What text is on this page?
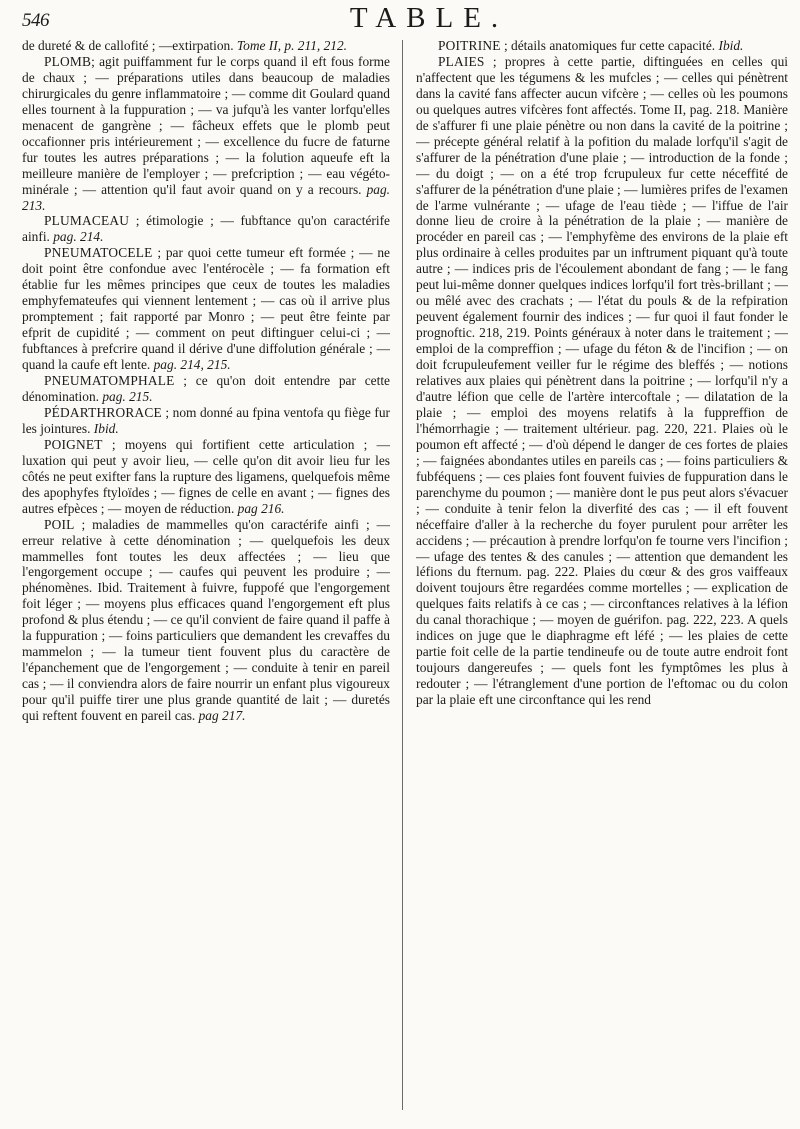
546	TABLE.

de dureté & de callofité ; —extirpation. Tome II, p. 211, 212.

PLOMB; agit puiffamment fur le corps quand il eft fous forme de chaux ; — préparations utiles dans beaucoup de maladies chirurgicales du genre inflammatoire ; — comme dit Goulard quand elles tournent à la fuppuration ; — va jufqu'à les vanter lorfqu'elles menacent de gangrène ; — fâcheux effets que le plomb peut occafionner pris intérieurement ; — excellence du fucre de faturne fur toutes les autres préparations ; — la folution aqueufe eft la meilleure manière de l'employer ; — prefcription ; — eau végéto-minérale ; — attention qu'il faut avoir quand on y a recours. pag. 213.

PLUMACEAU ; étimologie ; — fubftance qu'on caractérife ainfi. pag. 214.

PNEUMATOCELE ; par quoi cette tumeur eft formée ; — ne doit point être confondue avec l'entérocèle ; — fa formation eft établie fur les mêmes principes que ceux de toutes les maladies emphyfemateufes qui viennent lentement ; — cas où il arrive plus promptement ; fait rapporté par Monro ; — peut être feinte par efprit de cupidité ; — comment on peut diftinguer celui-ci ; — fubftances à prefcrire quand il dérive d'une diffolution générale ; — quand la caufe eft lente. pag. 214, 215.

PNEUMATOMPHALE ; ce qu'on doit entendre par cette dénomination. pag. 215.

PÉDARTHRORACE ; nom donné au fpina ventofa qu fiège fur les jointures. Ibid.

POIGNET ; moyens qui fortifient cette articulation ; — luxation qui peut y avoir lieu, — celle qu'on dit avoir lieu fur les côtés ne peut exifter fans la rupture des ligamens, quelquefois même des apophyfes ftyloïdes ; — fignes de celle en avant ; — fignes des autres efpèces ; — moyen de réduction. pag 216.

POIL ; maladies de mammelles qu'on caractérife ainfi ; — erreur relative à cette dénomination ; — quelquefois les deux mammelles font toutes les deux affectées ; — lieu que l'engorgement occupe ; — caufes qui peuvent les produire ; — phénomènes. Ibid. Traitement à fuivre, fuppofé que l'engorgement foit léger ; — moyens plus efficaces quand l'engorgement eft plus profond & plus étendu ; — ce qu'il convient de faire quand il paffe à la fuppuration ; — foins particuliers que demandent les crevaffes du mammelon ; — la tumeur tient fouvent plus du caractère de l'épanchement que de l'engorgement ; — conduite à tenir en pareil cas ; — il conviendra alors de faire nourrir un enfant plus vigoureux pour qu'il puiffe tirer une plus grande quantité de lait ; — duretés qui reftent fouvent en pareil cas. pag 217.

POITRINE ; détails anatomiques fur cette capacité. Ibid.

PLAIES ; propres à cette partie, diftinguées en celles qui n'affectent que les tégumens & les mufcles ; — celles qui pénètrent dans la cavité fans affecter aucun vifcère ; — celles où les poumons ou quelques autres vifcères font affectés. Tome II, pag. 218. Manière de s'affurer fi une plaie pénètre ou non dans la cavité de la poitrine ; — précepte général relatif à la pofition du malade lorfqu'il s'agit de s'affurer de la pénétration d'une plaie ; — introduction de la fonde ; — du doigt ; — on a été trop fcrupuleux fur cette néceffité de s'affurer de la pénétration d'une plaie ; — lumières prifes de l'examen de l'arme vulnérante ; — ufage de l'eau tiède ; — l'iffue de l'air donne lieu de croire à la pénétration de la plaie ; — manière de procéder en pareil cas ; — l'emphyfème des environs de la plaie eft plus ordinaire à celles produites par un inftrument piquant qu'à toute autre ; — indices pris de l'écoulement abondant de fang ; — le fang peut lui-même donner quelques indices lorfqu'il fort très-brillant ; — ou mêlé avec des crachats ; — l'état du pouls & de la refpiration peuvent également fournir des indices ; — fur quoi il faut fonder le prognoftic. 218, 219. Points généraux à noter dans le traitement ; — emploi de la compreffion ; — ufage du féton & de l'incifion ; — on doit fcrupuleufement veiller fur le régime des bleffés ; — notions relatives aux plaies qui pénètrent dans la poitrine ; — lorfqu'il n'y a d'autre léfion que celle de l'artère intercoftale ; — dilatation de la plaie ; — emploi des moyens relatifs à la fuppreffion de l'hémorrhagie ; — traitement ultérieur. pag. 220, 221. Plaies où le poumon eft affecté ; — d'où dépend le danger de ces fortes de plaies ; — faignées abondantes utiles en pareils cas ; — foins particuliers & fubféquens ; — ces plaies font fouvent fuivies de fuppuration dans le parenchyme du poumon ; — manière dont le pus peut alors s'évacuer ; — conduite à tenir felon la diverfité des cas ; — il eft fouvent néceffaire d'aller à la recherche du foyer purulent pour arrêter les accidens ; — précaution à prendre lorfqu'on fe tourne vers l'incifion ; — ufage des tentes & des canules ; — attention que demandent les léfions du fternum. pag. 222. Plaies du cœur & des gros vaiffeaux doivent toujours être regardées comme mortelles ; — explication de quelques faits relatifs à ce cas ; — circonftances relatives à la léfion du canal thorachique ; — moyen de guérifon. pag. 222, 223. A quels indices on juge que le diaphragme eft léfé ; — les plaies de cette partie foit celle de la partie tendineufe ou de toute autre endroit font toujours dangereufes ; — quels font les fymptômes les plus à redouter ; — l'étranglement d'une portion de l'eftomac ou du colon par la plaie eft une circonftance qui les rend
